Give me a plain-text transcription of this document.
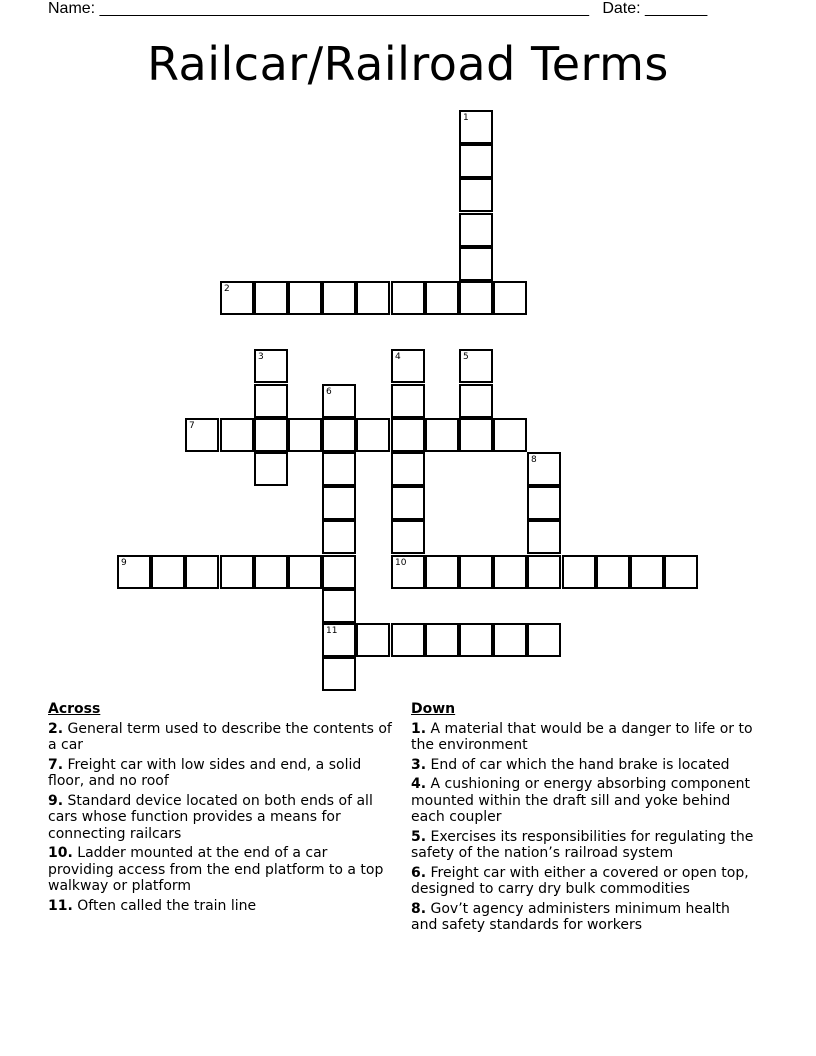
Name: _______________________________________________________ Date: _______
Railcar/Railroad Terms
1
2
3	4	5
6
7
8
9	10
11
Across
2. General term used to describe the contents of a car
7. Freight car with low sides and end, a solid floor, and no roof
9. Standard device located on both ends of all cars whose function provides a means for connecting railcars
10. Ladder mounted at the end of a car providing access from the end platform to a top walkway or platform
11. Often called the train line
Down
1. A material that would be a danger to life or to the environment
3. End of car which the hand brake is located
4. A cushioning or energy absorbing component mounted within the draft sill and yoke behind each coupler
5. Exercises its responsibilities for regulating the safety of the nation’s railroad system
6. Freight car with either a covered or open top, designed to carry dry bulk commodities
8. Gov’t agency administers minimum health and safety standards for workers
